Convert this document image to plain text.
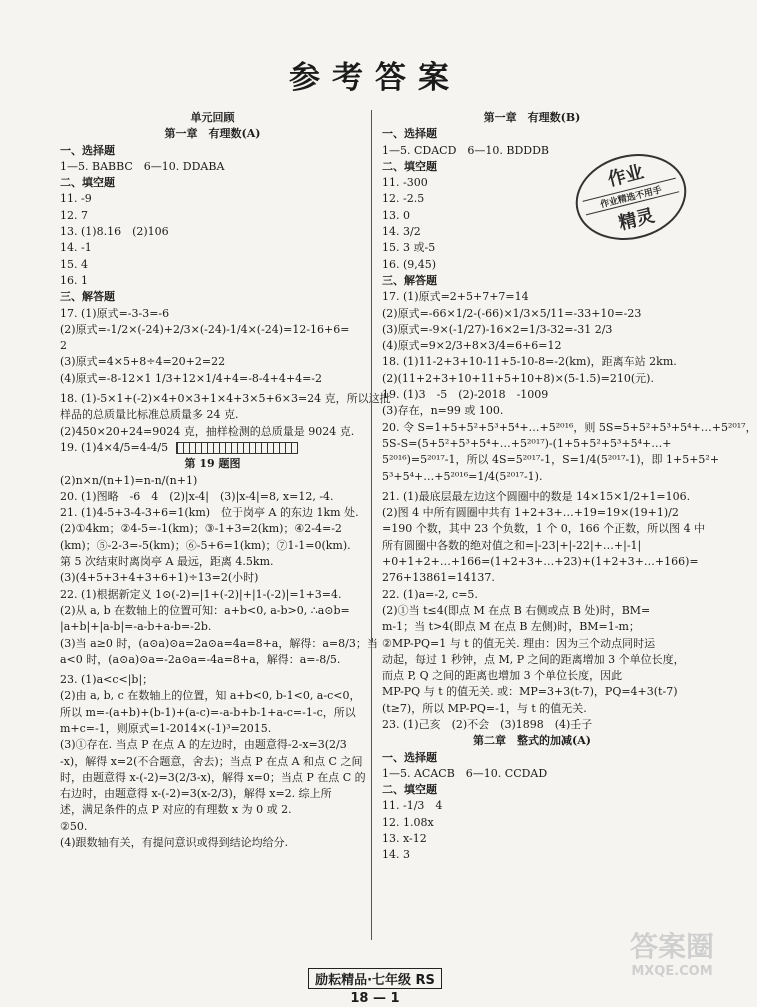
参考答案
单元回顾
第一章　有理数(A)
一、选择题
1—5. BABBC　6—10. DDABA
二、填空题
11. -9
12. 7
13. (1)8.16　(2)106
14. -1
15. 4
16. 1
三、解答题
17. (1)原式=-3-3=-6
(2)原式=-1/2×(-24)+2/3×(-24)-1/4×(-24)=12-16+6=
2
(3)原式=4×5+8÷4=20+2=22
(4)原式=-8-12×1 1/3+12×1/4+4=-8-4+4+4=-2
18. (1)-5×1+(-2)×4+0×3+1×4+3×5+6×3=24 克，所以这批
样品的总质量比标准总质量多 24 克.
(2)450×20+24=9024 克，抽样检测的总质量是 9024 克.
19. (1)4×4/5=4-4/5
第 19 题图
(2)n×n/(n+1)=n-n/(n+1)
20. (1)图略　-6　4　(2)|x-4|　(3)|x-4|=8, x=12, -4.
21. (1)4-5+3-4-3+6=1(km)　位于岗亭 A 的东边 1km 处.
(2)①4km；②4-5=-1(km)；③-1+3=2(km)；④2-4=-2
(km)；⑤-2-3=-5(km)；⑥-5+6=1(km)；⑦1-1=0(km).
第 5 次结束时离岗亭 A 最远，距离 4.5km.
(3)(4+5+3+4+3+6+1)÷13=2(小时)
22. (1)根据新定义 1⊙(-2)=|1+(-2)|+|1-(-2)|=1+3=4.
(2)从 a, b 在数轴上的位置可知：a+b<0, a-b>0, ∴a⊙b=
|a+b|+|a-b|=-a-b+a-b=-2b.
(3)当 a≥0 时，(a⊙a)⊙a=2a⊙a=4a=8+a，解得：a=8/3；当
a<0 时，(a⊙a)⊙a=-2a⊙a=-4a=8+a，解得：a=-8/5.
23. (1)a<c<|b|；
(2)由 a, b, c 在数轴上的位置，知 a+b<0, b-1<0, a-c<0，
所以 m=-(a+b)+(b-1)+(a-c)=-a-b+b-1+a-c=-1-c，所以
m+c=-1，则原式=1-2014×(-1)³=2015.
(3)①存在. 当点 P 在点 A 的左边时，由题意得-2-x=3(2/3
-x)，解得 x=2(不合题意，舍去)；当点 P 在点 A 和点 C 之间
时，由题意得 x-(-2)=3(2/3-x)，解得 x=0；当点 P 在点 C 的
右边时，由题意得 x-(-2)=3(x-2/3)，解得 x=2. 综上所
述，满足条件的点 P 对应的有理数 x 为 0 或 2.
②50.
(4)跟数轴有关，有提问意识或得到结论均给分.
第一章　有理数(B)
一、选择题
1—5. CDACD　6—10. BDDDB
二、填空题
11. -300
12. -2.5
13. 0
14. 3/2
15. 3 或-5
16. (9,45)
三、解答题
17. (1)原式=2+5+7+7=14
(2)原式=-66×1/2-(-66)×1/3×5/11=-33+10=-23
(3)原式=-9×(-1/27)-16×2=1/3-32=-31 2/3
(4)原式=9×2/3+8×3/4=6+6=12
18. (1)11-2+3+10-11+5-10-8=-2(km)，距离车站 2km.
(2)(11+2+3+10+11+5+10+8)×(5-1.5)=210(元).
19. (1)3　-5　(2)-2018　-1009
(3)存在，n=99 或 100.
20. 令 S=1+5+5²+5³+5⁴+…+5²⁰¹⁶，则 5S=5+5²+5³+5⁴+…+5²⁰¹⁷，
5S-S=(5+5²+5³+5⁴+…+5²⁰¹⁷)-(1+5+5²+5³+5⁴+…+
5²⁰¹⁶)=5²⁰¹⁷-1，所以 4S=5²⁰¹⁷-1，S=1/4(5²⁰¹⁷-1)，即 1+5+5²+
5³+5⁴+…+5²⁰¹⁶=1/4(5²⁰¹⁷-1).
21. (1)最底层最左边这个圆圈中的数是 14×15×1/2+1=106.
(2)图 4 中所有圆圈中共有 1+2+3+…+19=19×(19+1)/2
=190 个数，其中 23 个负数，1 个 0，166 个正数，所以图 4 中
所有圆圈中各数的绝对值之和=|-23|+|-22|+…+|-1|
+0+1+2+…+166=(1+2+3+…+23)+(1+2+3+…+166)=
276+13861=14137.
22. (1)a=-2, c=5.
(2)①当 t≤4(即点 M 在点 B 右侧或点 B 处)时，BM=
m-1；当 t>4(即点 M 在点 B 左侧)时，BM=1-m；
②MP-PQ=1 与 t 的值无关. 理由：因为三个动点同时运
动起，每过 1 秒钟，点 M, P 之间的距离增加 3 个单位长度，
而点 P, Q 之间的距离也增加 3 个单位长度，因此
MP-PQ 与 t 的值无关. 或：MP=3+3(t-7)，PQ=4+3(t-7)
(t≥7)，所以 MP-PQ=-1，与 t 的值无关.
23. (1)己亥　(2)不会　(3)1898　(4)壬子
第二章　整式的加减(A)
一、选择题
1—5. ACACB　6—10. CCDAD
二、填空题
11. -1/3　4
12. 1.08x
13. x-12
14. 3
作业
作业精选不用手
精灵
励耘精品·七年级 RS
18 — 1
答案圈
MXQE.COM
